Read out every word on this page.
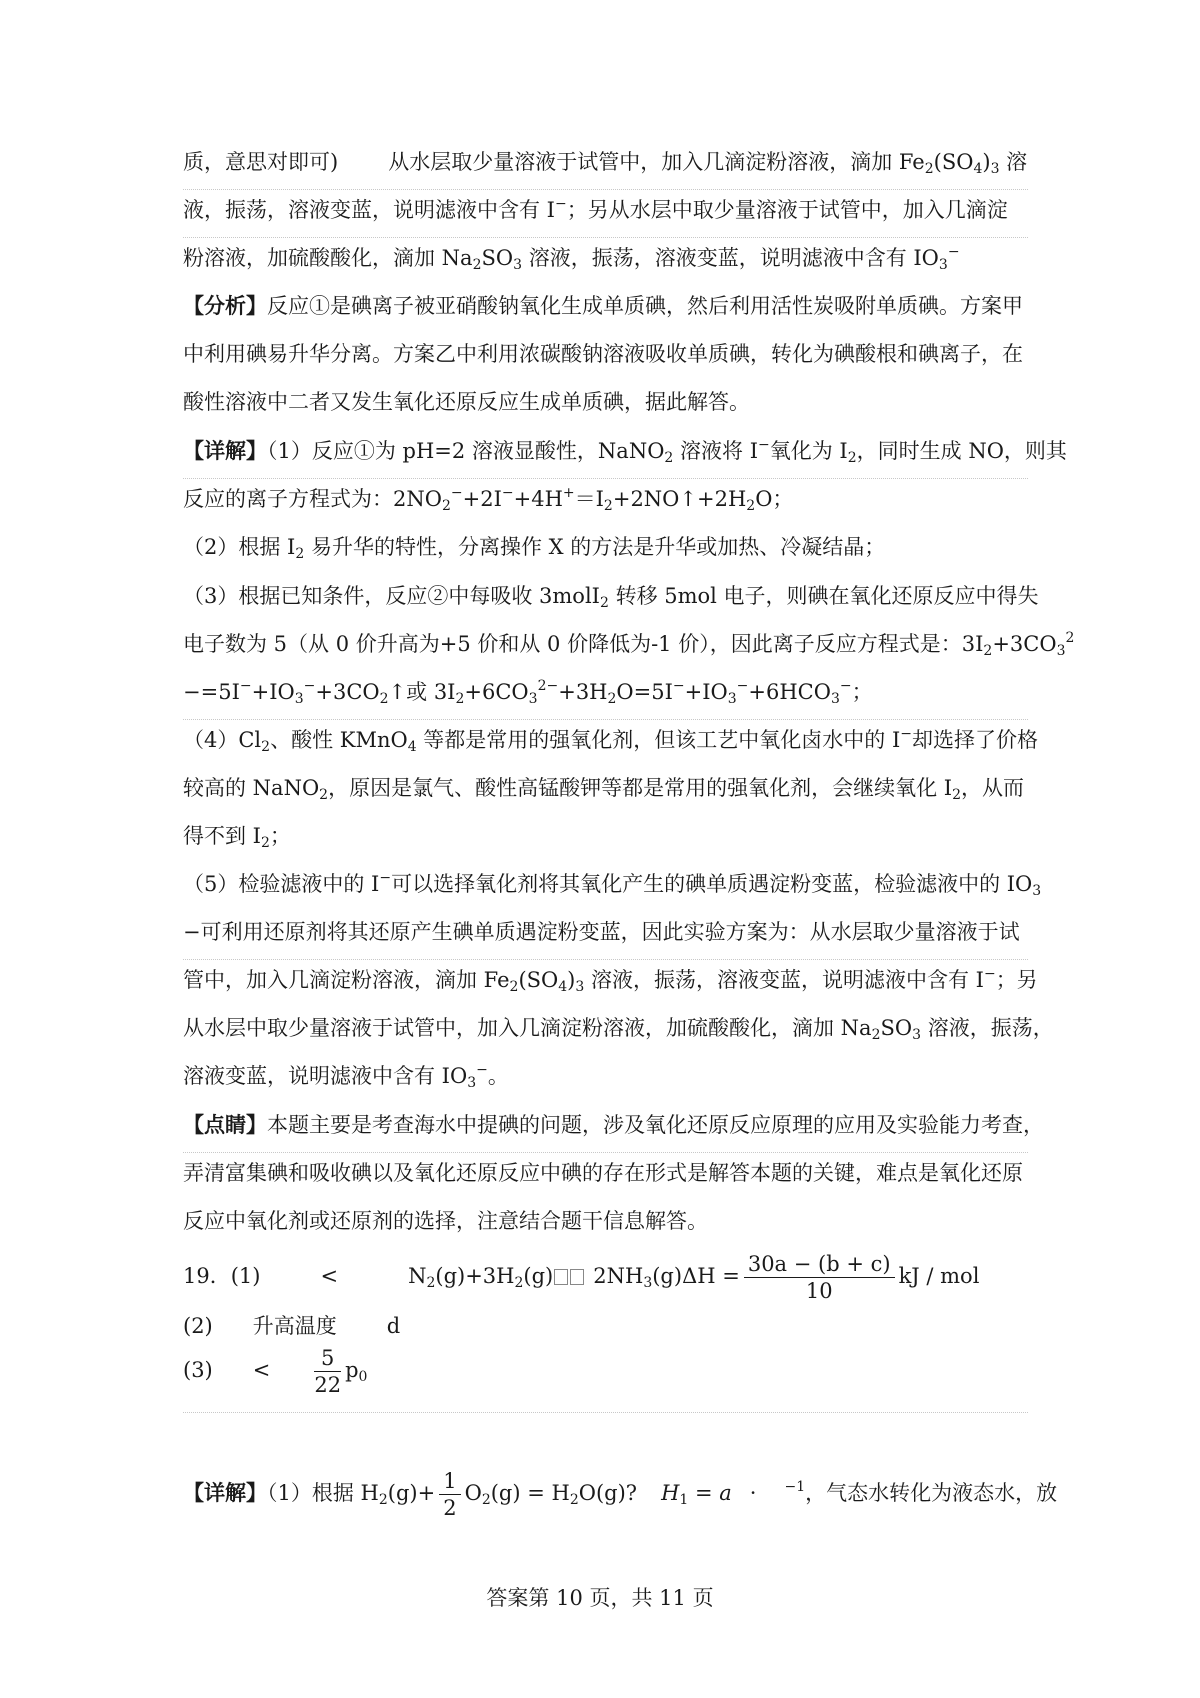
质，意思对即可) 从水层取少量溶液于试管中，加入几滴淀粉溶液，滴加 $Fe_2(SO_4)_3$ 溶
液，振荡，溶液变蓝，说明滤液中含有 I−；另从水层中取少量溶液于试管中，加入几滴淀
粉溶液，加硫酸酸化，滴加 $Na_2SO_3$ 溶液，振荡，溶液变蓝，说明滤液中含有 $IO_3^-$
【分析】反应①是碘离子被亚硝酸钠氧化生成单质碘，然后利用活性炭吸附单质碘。方案甲
中利用碘易升华分离。方案乙中利用浓碳酸钠溶液吸收单质碘，转化为碘酸根和碘离子，在
酸性溶液中二者又发生氧化还原反应生成单质碘，据此解答。
【详解】（1）反应①为 pH=2 溶液显酸性，NaNO$_2$ 溶液将 I−氧化为 $I_2$，同时生成 NO，则其
反应的离子方程式为：$2NO_2^-+2I^-+4H^+=I_2+2NO↑+2H_2O$；
（2）根据 $I_2$ 易升华的特性，分离操作 X 的方法是升华或加热、冷凝结晶；
（3）根据已知条件，反应②中每吸收 3molI$_2$ 转移 5mol 电子，则碘在氧化还原反应中得失
电子数为 5（从 0 价升高为+5 价和从 0 价降低为-1 价），因此离子反应方程式是：$3I_2+3CO_3^2$
$-=5I^-+IO_3^-+3CO_2↑$或 $3I_2+6CO_3^{2-}+3H_2O=5I^-+IO_3^-+6HCO_3^-$；
$(4)Cl_2$、酸性 KMnO$_4$ 等都是常用的强氧化剂，但该工艺中氧化卤水中的 I−却选择了价格
较高的 NaNO$_2$，原因是氯气、酸性高锰酸钾等都是常用的强氧化剂，会继续氧化 $I_2$，从而
得不到 $I_2$；
（5）检验滤液中的 I−可以选择氧化剂将其氧化产生的碘单质遇淀粉变蓝，检验滤液中的 $IO_3$
−可利用还原剂将其还原产生碘单质遇淀粉变蓝，因此实验方案为：从水层取少量溶液于试
管中，加入几滴淀粉溶液，滴加 $Fe_2(SO_4)_3$ 溶液，振荡，溶液变蓝，说明滤液中含有 I−；另
从水层中取少量溶液于试管中，加入几滴淀粉溶液，加硫酸酸化，滴加 $Na_2SO_3$ 溶液，振荡，
溶液变蓝，说明滤液中含有 $IO_3^-$。
【点睛】本题主要是考查海水中提碘的问题，涉及氧化还原反应原理的应用及实验能力考查，
弄清富集碘和吸收碘以及氧化还原反应中碘的存在形式是解答本题的关键，难点是氧化还原
反应中氧化剂或还原剂的选择，注意结合题干信息解答。
19．(1)	<	$N_2(g)+3H_2(g) 2NH_3(g)\Delta H = \frac{30a - (b + c)}{10}$ kJ / mol
(2) 升高温度 d
$(3) < \frac{5}{22} p_0$
【详解】（1）根据 $H_2(g)+ \frac{1}{2} O_2(g) = H_2O(g)$? $H_1 = a \cdot ^{-1}$，气态水转化为液态水，放
答案第 10 页，共 11 页
